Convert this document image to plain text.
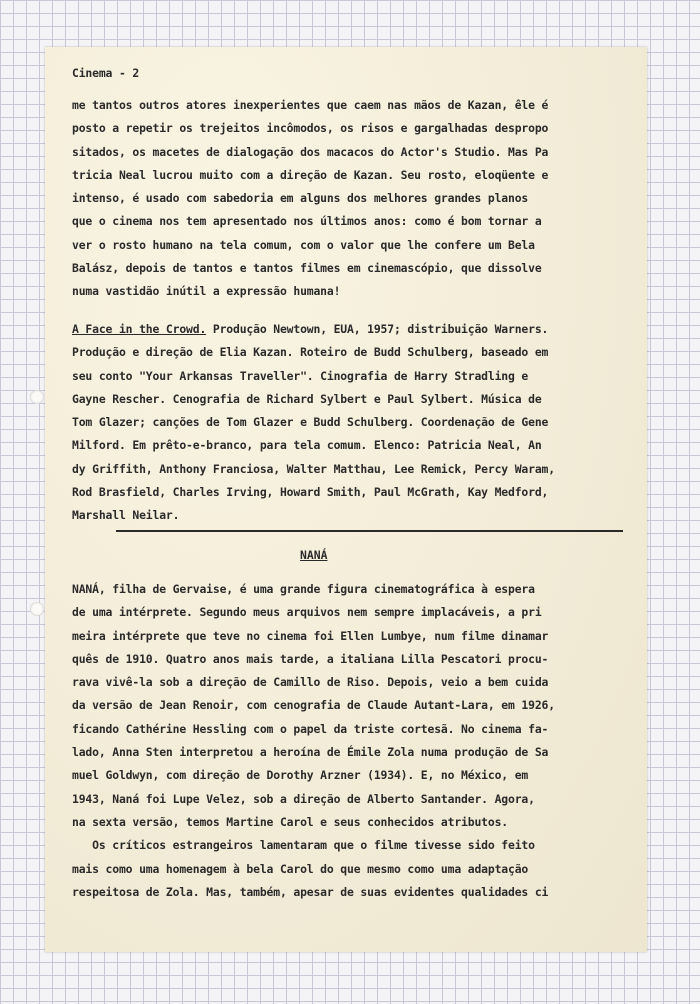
Cinema - 2
me tantos outros atores inexperientes que caem nas mãos de Kazan, êle é
posto a repetir os trejeitos incômodos, os risos e gargalhadas despropo
sitados, os macetes de dialogação dos macacos do Actor's Studio. Mas Pa
tricia Neal lucrou muito com a direção de Kazan. Seu rosto, eloqüente e
intenso, é usado com sabedoria em alguns dos melhores grandes planos
que o cinema nos tem apresentado nos últimos anos: como é bom tornar a
ver o rosto humano na tela comum, com o valor que lhe confere um Bela
Balász, depois de tantos e tantos filmes em cinemascópio, que dissolve
numa vastidão inútil a expressão humana!
A Face in the Crowd. Produção Newtown, EUA, 1957; distribuição Warners.
Produção e direção de Elia Kazan. Roteiro de Budd Schulberg, baseado em
seu conto "Your Arkansas Traveller". Cinografia de Harry Stradling e
Gayne Rescher. Cenografia de Richard Sylbert e Paul Sylbert. Música de
Tom Glazer; canções de Tom Glazer e Budd Schulberg. Coordenação de Gene
Milford. Em prêto-e-branco, para tela comum. Elenco: Patricia Neal, An
dy Griffith, Anthony Franciosa, Walter Matthau, Lee Remick, Percy Waram,
Rod Brasfield, Charles Irving, Howard Smith, Paul McGrath, Kay Medford,
Marshall Neilar.
NANÁ
NANÁ, filha de Gervaise, é uma grande figura cinematográfica à espera
de uma intérprete. Segundo meus arquivos nem sempre implacáveis, a pri
meira intérprete que teve no cinema foi Ellen Lumbye, num filme dinamar
quês de 1910. Quatro anos mais tarde, a italiana Lilla Pescatori procu-
rava vivê-la sob a direção de Camillo de Riso. Depois, veio a bem cuida
da versão de Jean Renoir, com cenografia de Claude Autant-Lara, em 1926,
ficando Cathérine Hessling com o papel da triste cortesã. No cinema fa-
lado, Anna Sten interpretou a heroína de Émile Zola numa produção de Sa
muel Goldwyn, com direção de Dorothy Arzner (1934). E, no México, em
1943, Naná foi Lupe Velez, sob a direção de Alberto Santander. Agora,
na sexta versão, temos Martine Carol e seus conhecidos atributos.
Os críticos estrangeiros lamentaram que o filme tivesse sido feito
mais como uma homenagem à bela Carol do que mesmo como uma adaptação
respeitosa de Zola. Mas, também, apesar de suas evidentes qualidades ci
